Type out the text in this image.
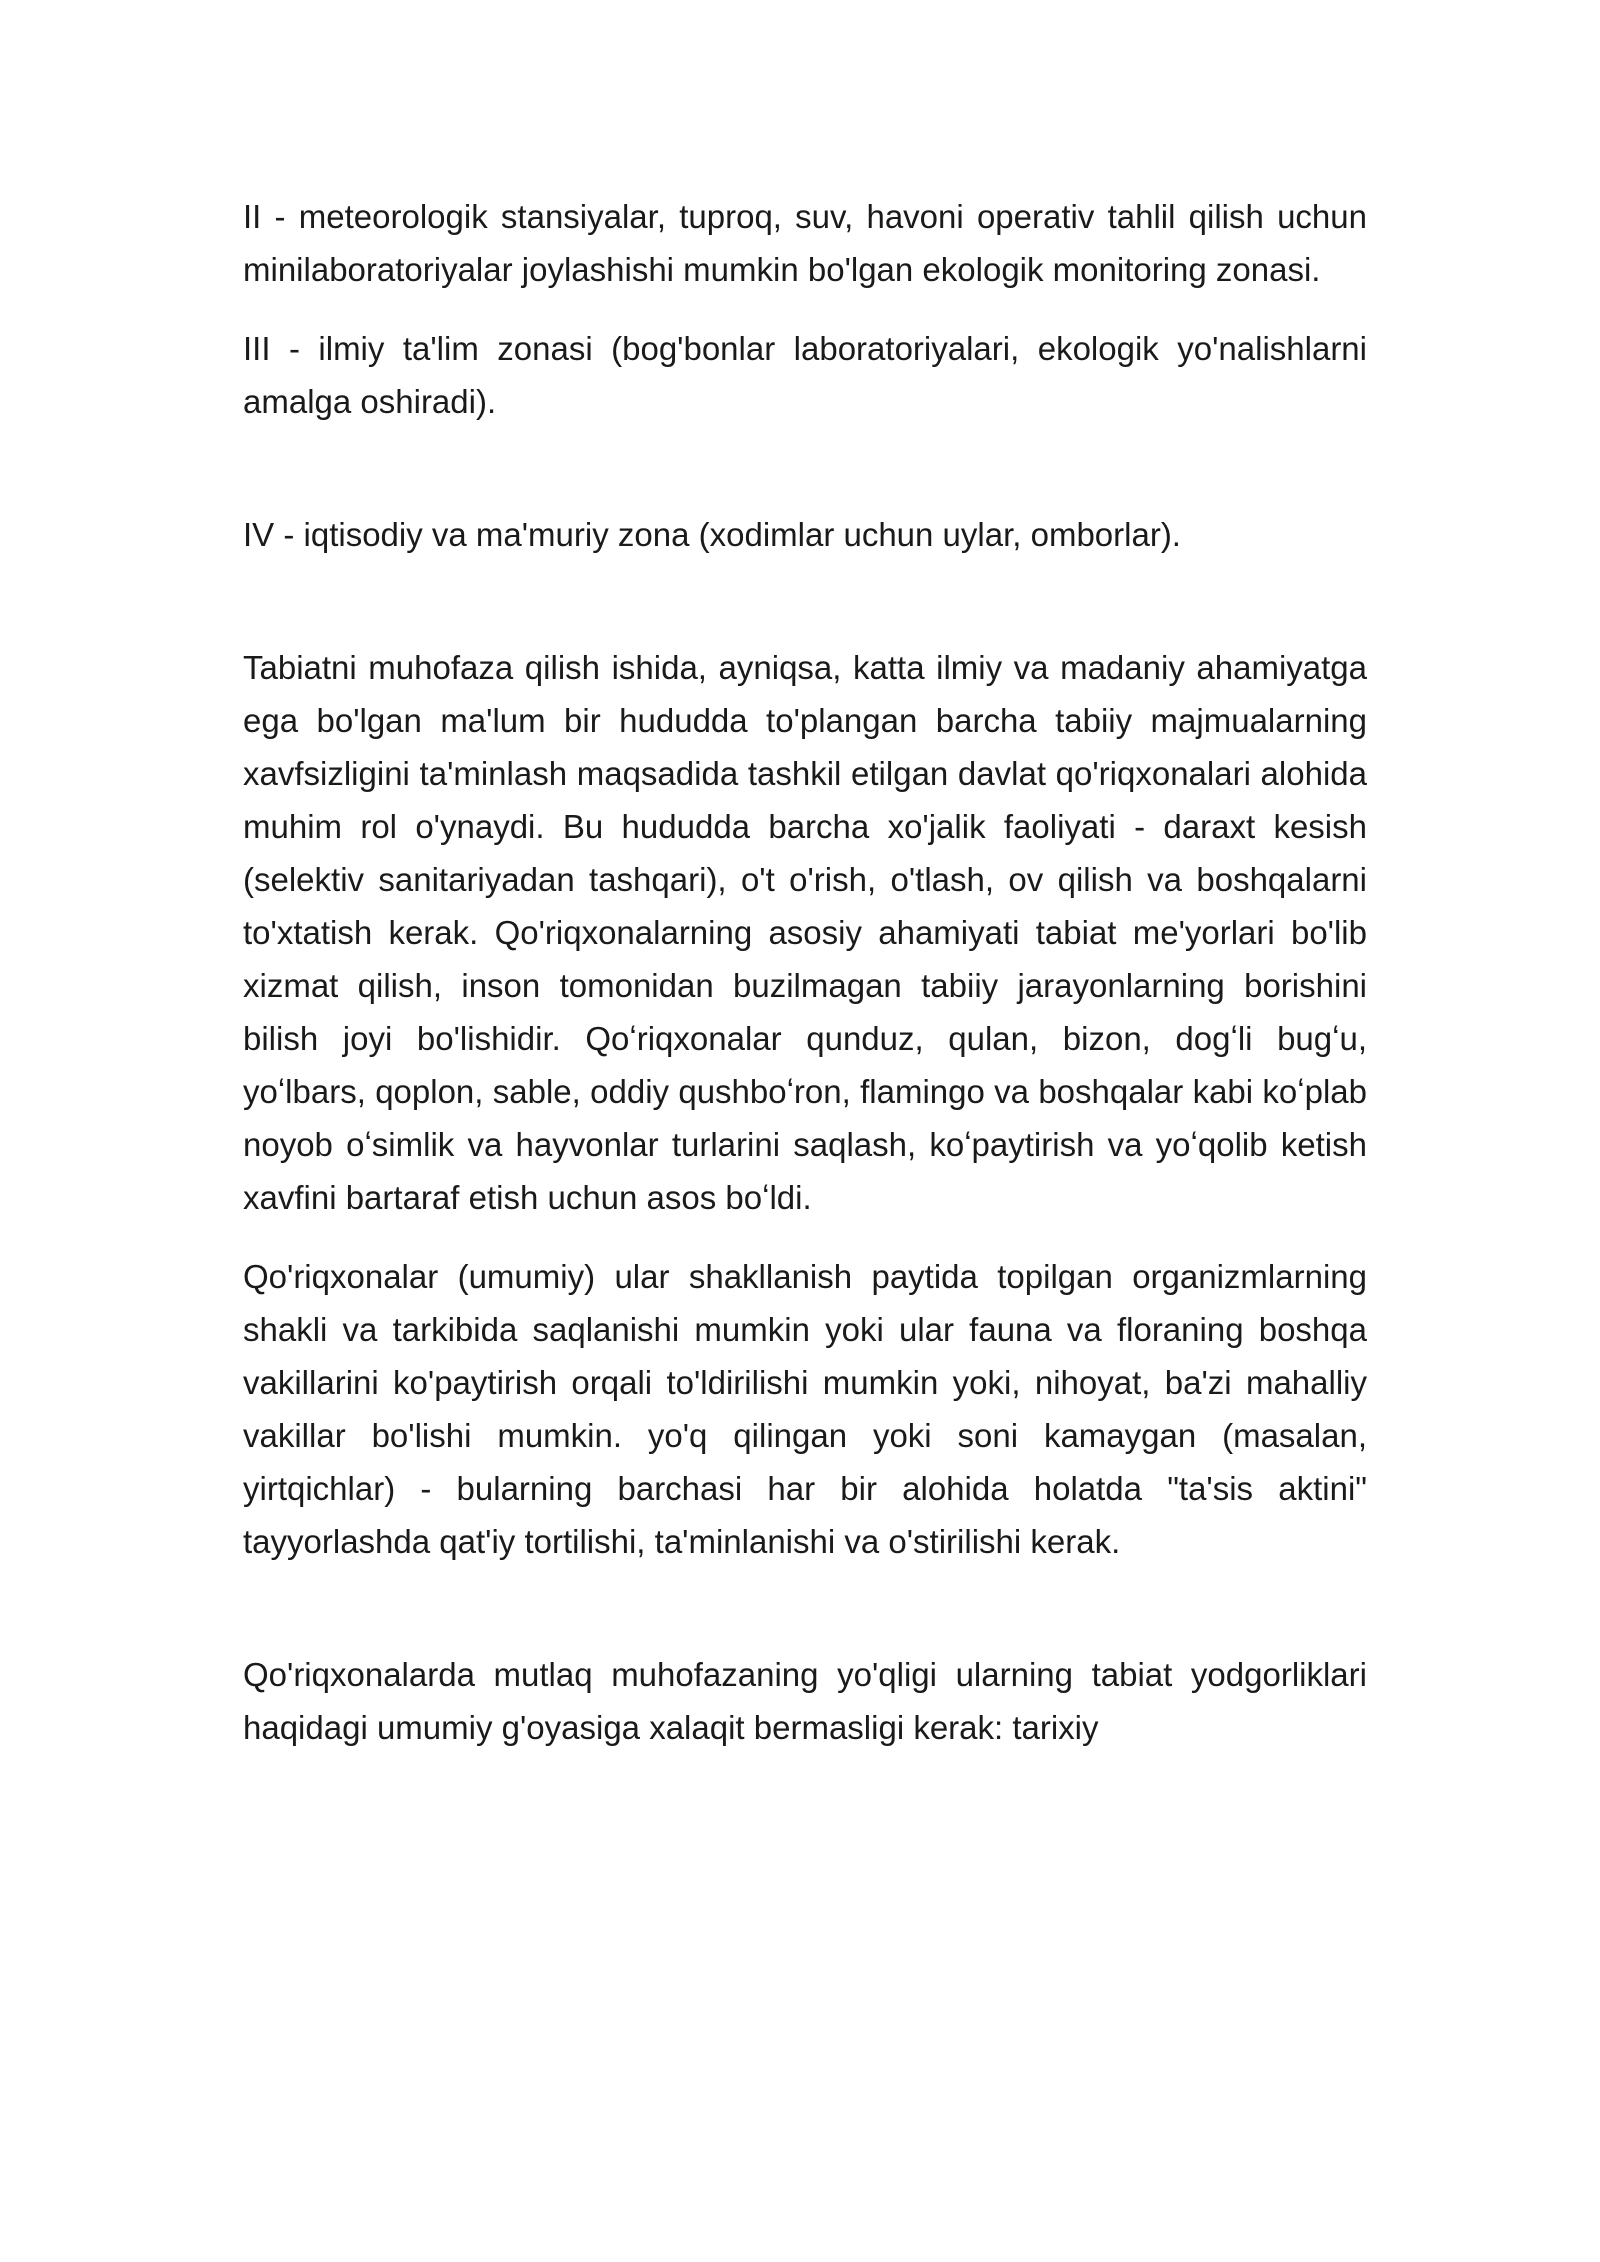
II - meteorologik stansiyalar, tuproq, suv, havoni operativ tahlil qilish uchun minilaboratoriyalar joylashishi mumkin bo'lgan ekologik monitoring zonasi.

III - ilmiy ta'lim zonasi (bog'bonlar laboratoriyalari, ekologik yo'nalishlarni amalga oshiradi).

IV - iqtisodiy va ma'muriy zona (xodimlar uchun uylar, omborlar).

Tabiatni muhofaza qilish ishida, ayniqsa, katta ilmiy va madaniy ahamiyatga ega bo'lgan ma'lum bir hududda to'plangan barcha tabiiy majmualarning xavfsizligini ta'minlash maqsadida tashkil etilgan davlat qo'riqxonalari alohida muhim rol o'ynaydi. Bu hududda barcha xo'jalik faoliyati - daraxt kesish (selektiv sanitariyadan tashqari), o't o'rish, o'tlash, ov qilish va boshqalarni to'xtatish kerak. Qo'riqxonalarning asosiy ahamiyati tabiat me'yorlari bo'lib xizmat qilish, inson tomonidan buzilmagan tabiiy jarayonlarning borishini bilish joyi bo'lishidir. Qoʻriqxonalar qunduz, qulan, bizon, dogʻli bugʻu, yoʻlbars, qoplon, sable, oddiy qushboʻron, flamingo va boshqalar kabi koʻplab noyob oʻsimlik va hayvonlar turlarini saqlash, koʻpaytirish va yoʻqolib ketish xavfini bartaraf etish uchun asos boʻldi.

Qo'riqxonalar (umumiy) ular shakllanish paytida topilgan organizmlarning shakli va tarkibida saqlanishi mumkin yoki ular fauna va floraning boshqa vakillarini ko'paytirish orqali to'ldirilishi mumkin yoki, nihoyat, ba'zi mahalliy vakillar bo'lishi mumkin. yo'q qilingan yoki soni kamaygan (masalan, yirtqichlar) - bularning barchasi har bir alohida holatda "ta'sis aktini" tayyorlashda qat'iy tortilishi, ta'minlanishi va o'stirilishi kerak.

Qo'riqxonalarda mutlaq muhofazaning yo'qligi ularning tabiat yodgorliklari haqidagi umumiy g'oyasiga xalaqit bermasligi kerak: tarixiy
